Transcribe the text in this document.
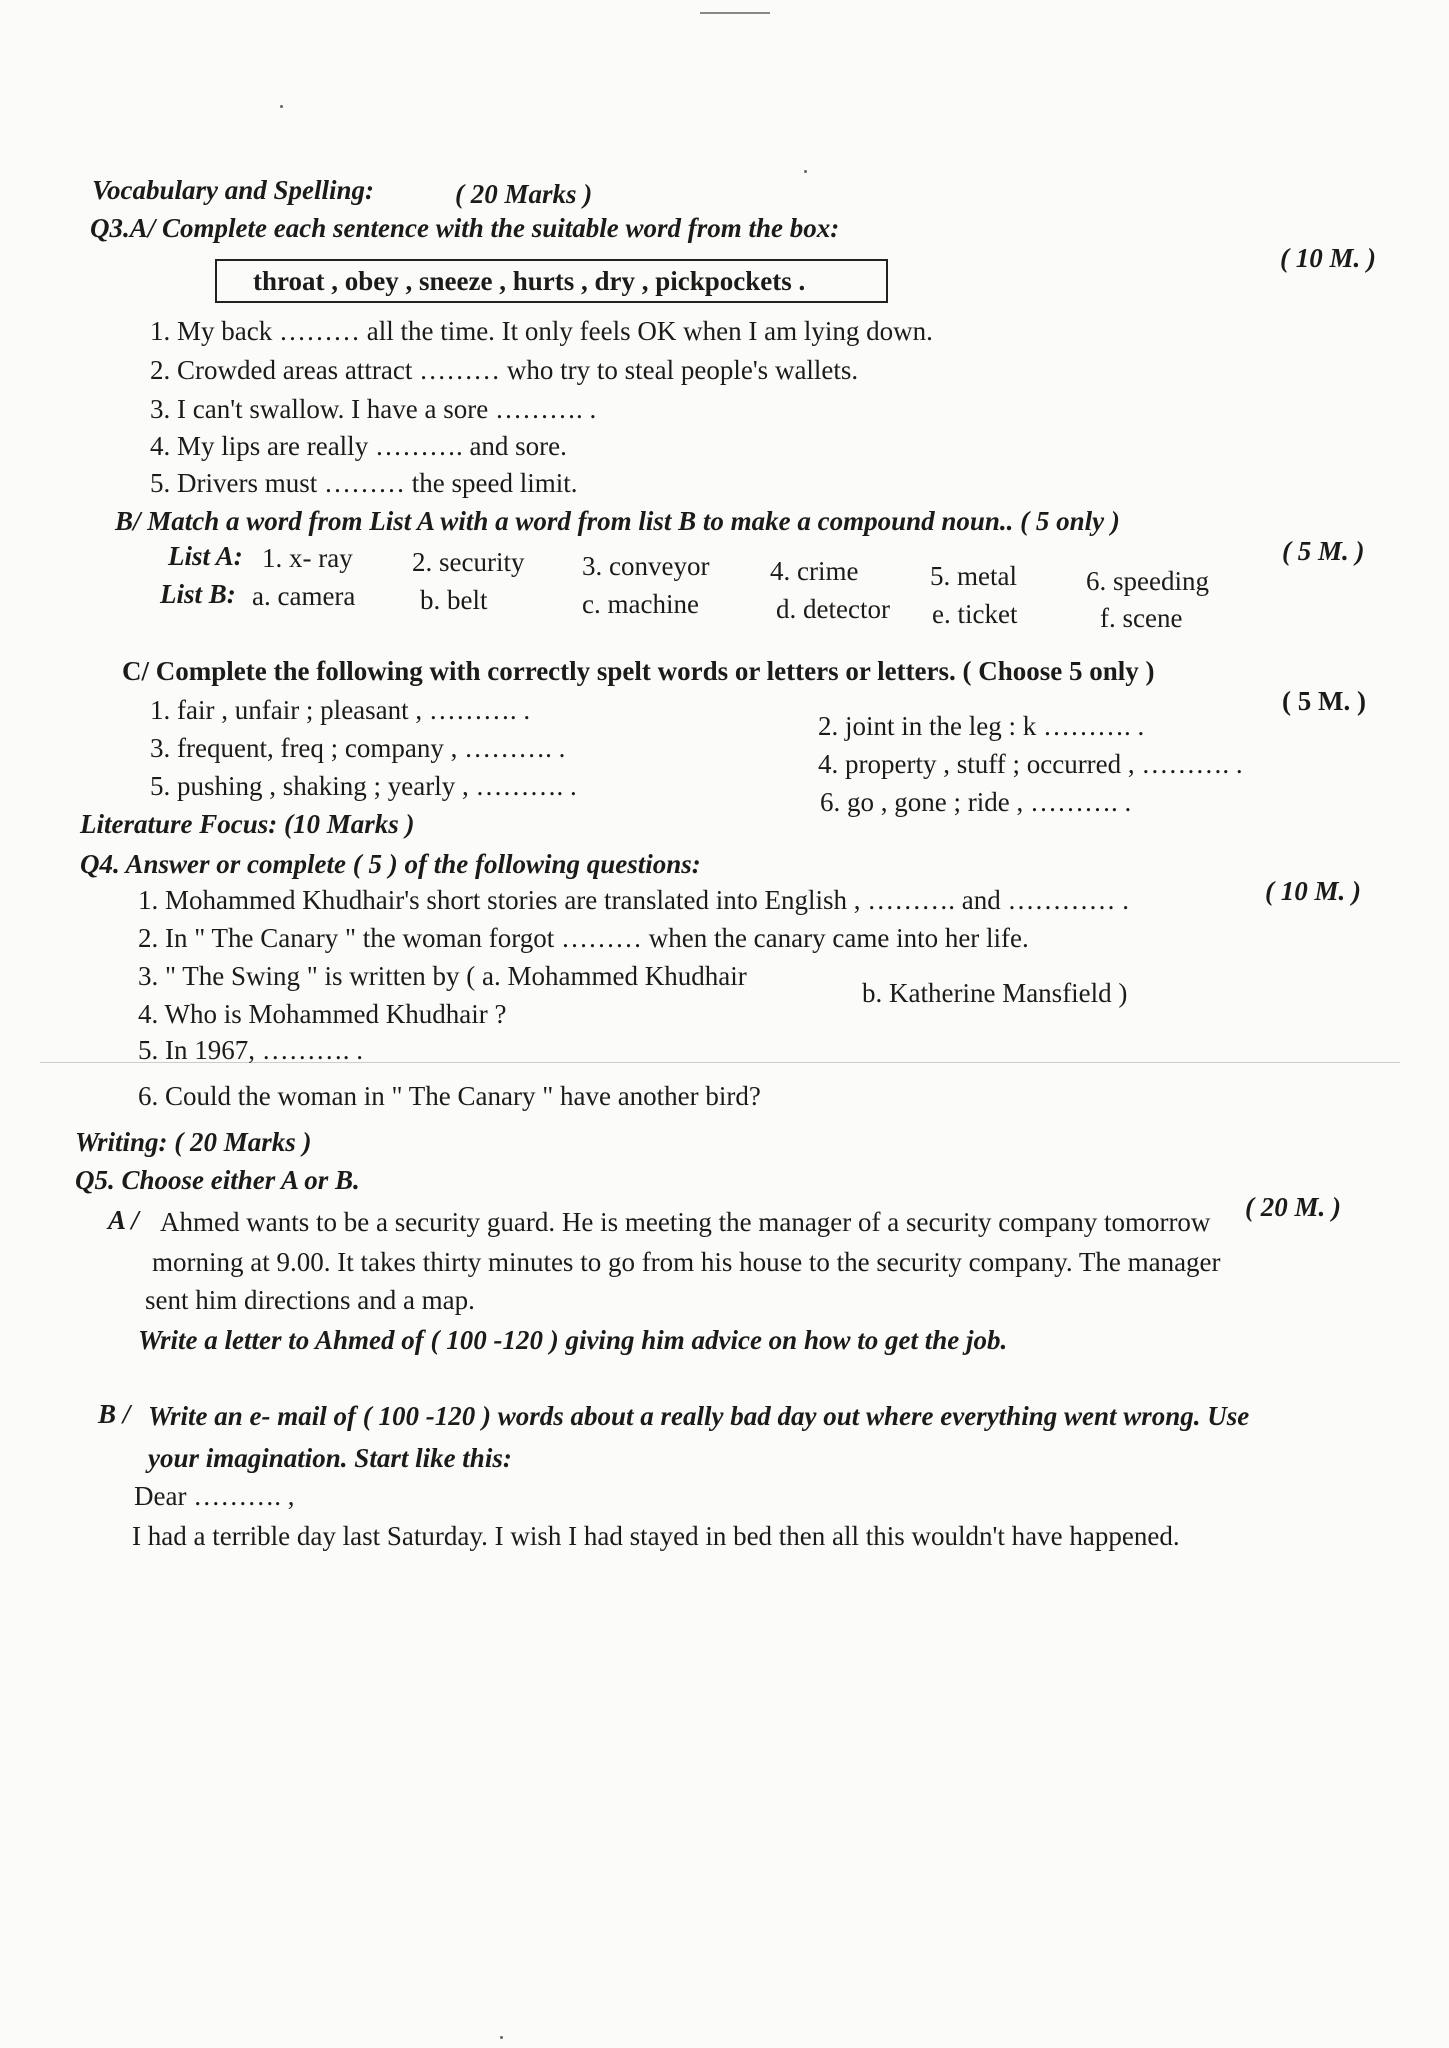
Vocabulary and Spelling:	( 20 Marks )
Q3.A/ Complete each sentence with the suitable word from the box:
( 10 M. )
throat , obey , sneeze , hurts , dry , pickpockets .
1. My back ……… all the time. It only feels OK when I am lying down.
2. Crowded areas attract ……… who try to steal people's wallets.
3. I can't swallow. I have a sore ………. .
4. My lips are really ………. and sore.
5. Drivers must ……… the speed limit.
B/ Match a word from List A with a word from list B to make a compound noun.. ( 5 only )
( 5 M. )
List A: 1. x- ray 2. security 3. conveyor 4. crime	5. metal	6. speeding
List B: a. camera b. belt	c. machine	d. detector e. ticket	f. scene
C/ Complete the following with correctly spelt words or letters or letters. ( Choose 5 only )
( 5 M. )
1. fair , unfair ; pleasant , ………. .
2. joint in the leg : k ………. .
3. frequent, freq ; company , ………. .
4. property , stuff ; occurred , ………. .
5. pushing , shaking ; yearly , ………. .
6. go , gone ; ride , ………. .
Literature Focus: (10 Marks )
Q4. Answer or complete ( 5 ) of the following questions:
( 10 M. )
1. Mohammed Khudhair's short stories are translated into English , ………. and ………… .
2. In " The Canary " the woman forgot ……… when the canary came into her life.
3. " The Swing " is written by ( a. Mohammed Khudhair
b. Katherine Mansfield )
4. Who is Mohammed Khudhair ?
5. In 1967, ………. .
6. Could the woman in " The Canary " have another bird?
Writing: ( 20 Marks )
Q5. Choose either A or B.
( 20 M. )
A / Ahmed wants to be a security guard. He is meeting the manager of a security company tomorrow
morning at 9.00. It takes thirty minutes to go from his house to the security company. The manager
sent him directions and a map.
Write a letter to Ahmed of ( 100 -120 ) giving him advice on how to get the job.
B / Write an e- mail of ( 100 -120 ) words about a really bad day out where everything went wrong. Use
your imagination. Start like this:
Dear ………. ,
I had a terrible day last Saturday. I wish I had stayed in bed then all this wouldn't have happened.
